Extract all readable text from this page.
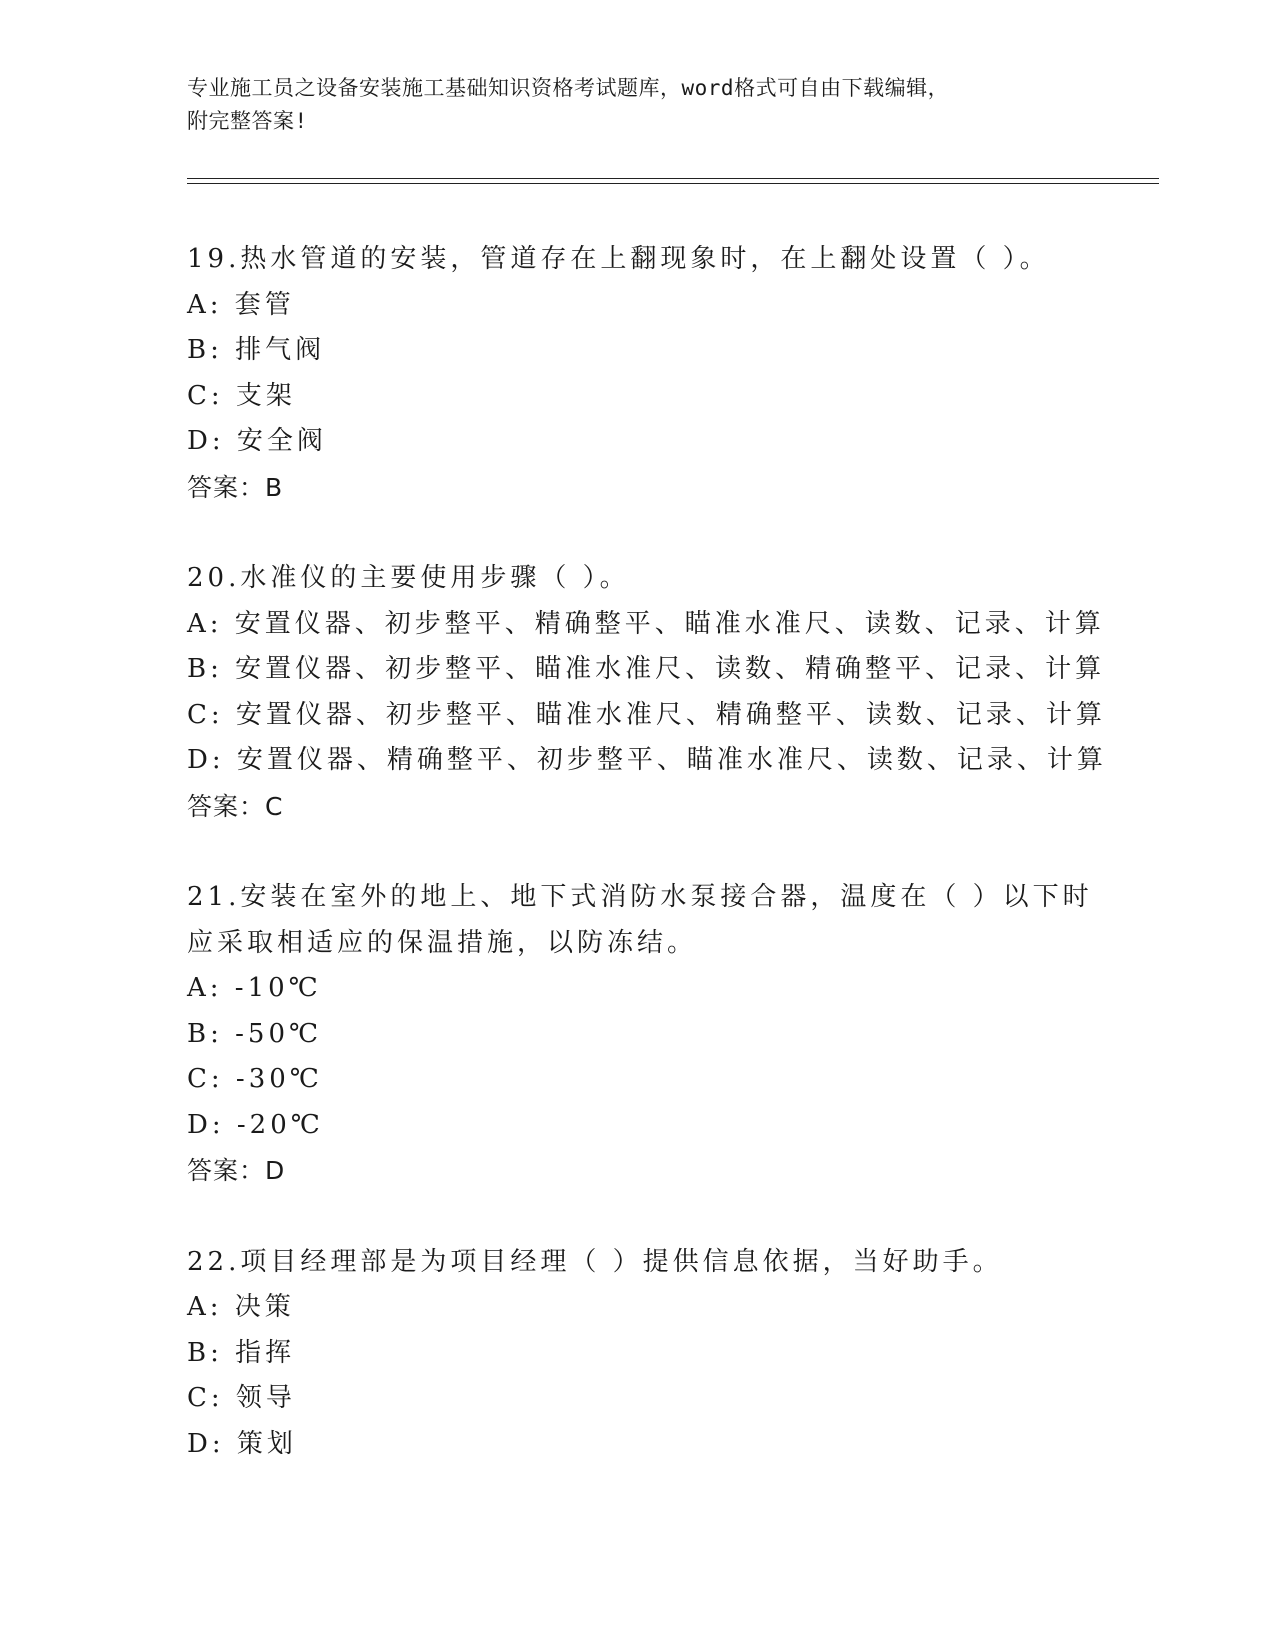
专业施工员之设备安装施工基础知识资格考试题库，word格式可自由下载编辑，
附完整答案!
19.热水管道的安装，管道存在上翻现象时，在上翻处设置（ ）。
A: 套管
B: 排气阀
C: 支架
D: 安全阀
答案：B
20.水准仪的主要使用步骤（ ）。
A: 安置仪器、初步整平、精确整平、瞄准水准尺、读数、记录、计算
B: 安置仪器、初步整平、瞄准水准尺、读数、精确整平、记录、计算
C: 安置仪器、初步整平、瞄准水准尺、精确整平、读数、记录、计算
D: 安置仪器、精确整平、初步整平、瞄准水准尺、读数、记录、计算
答案：C
21.安装在室外的地上、地下式消防水泵接合器，温度在（ ）以下时
应采取相适应的保温措施，以防冻结。
A: -10℃
B: -50℃
C: -30℃
D: -20℃
答案：D
22.项目经理部是为项目经理（ ）提供信息依据，当好助手。
A: 决策
B: 指挥
C: 领导
D: 策划
